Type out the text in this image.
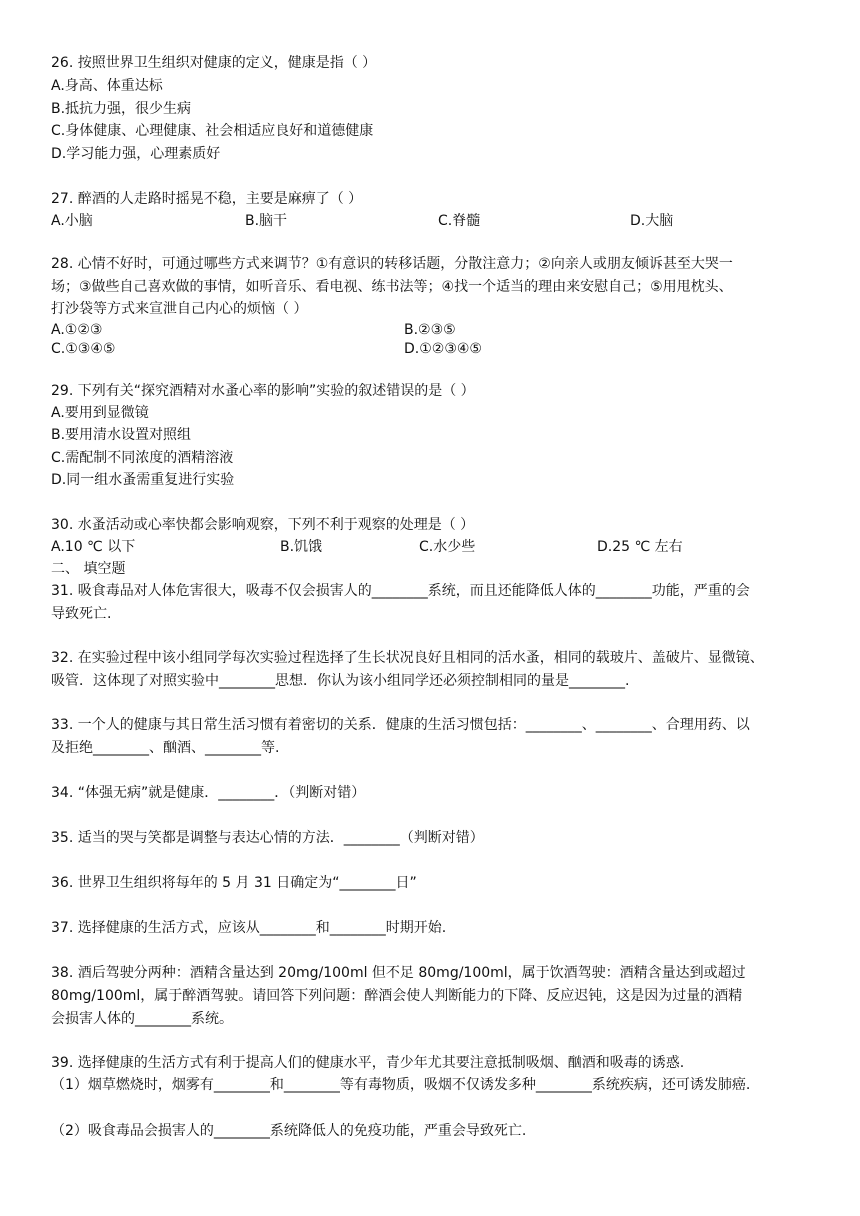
26. 按照世界卫生组织对健康的定义，健康是指（ ）
A.身高、体重达标
B.抵抗力强，很少生病
C.身体健康、心理健康、社会相适应良好和道德健康
D.学习能力强，心理素质好
27. 醉酒的人走路时摇晃不稳，主要是麻痹了（ ）
A.小脑	B.脑干	C.脊髓	D.大脑
28. 心情不好时，可通过哪些方式来调节？①有意识的转移话题，分散注意力；②向亲人或朋友倾诉甚至大哭一
场；③做些自己喜欢做的事情，如听音乐、看电视、练书法等；④找一个适当的理由来安慰自己；⑤用甩枕头、
打沙袋等方式来宣泄自己内心的烦恼（ ）
A.①②③	B.②③⑤
C.①③④⑤	D.①②③④⑤
29. 下列有关“探究酒精对水蚤心率的影响”实验的叙述错误的是（ ）
A.要用到显微镜
B.要用清水设置对照组
C.需配制不同浓度的酒精溶液
D.同一组水蚤需重复进行实验
30. 水蚤活动或心率快都会影响观察，下列不利于观察的处理是（ ）
A.10 ℃ 以下	B.饥饿	C.水少些	D.25 ℃ 左右
二、 填空题
31. 吸食毒品对人体危害很大，吸毒不仅会损害人的________系统，而且还能降低人体的________功能，严重的会
导致死亡.
32. 在实验过程中该小组同学每次实验过程选择了生长状况良好且相同的活水蚤，相同的载玻片、盖破片、显微镜、
吸管．这体现了对照实验中________思想．你认为该小组同学还必须控制相同的量是________.
33. 一个人的健康与其日常生活习惯有着密切的关系．健康的生活习惯包括：________、________、合理用药、以
及拒绝________、酗酒、________等.
34. “体强无病”就是健康．________．（判断对错）
35. 适当的哭与笑都是调整与表达心情的方法．________（判断对错）
36. 世界卫生组织将每年的 5 月 31 日确定为“________日”
37. 选择健康的生活方式，应该从________和________时期开始.
38. 酒后驾驶分两种：酒精含量达到 20mg/100ml 但不足 80mg/100ml，属于饮酒驾驶：酒精含量达到或超过
80mg/100ml，属于醉酒驾驶。请回答下列问题：醉酒会使人判断能力的下降、反应迟钝，这是因为过量的酒精
会损害人体的________系统。
39. 选择健康的生活方式有利于提高人们的健康水平，青少年尤其要注意抵制吸烟、酗酒和吸毒的诱惑.
（1）烟草燃烧时，烟雾有________和________等有毒物质，吸烟不仅诱发多种________系统疾病，还可诱发肺癌.
（2）吸食毒品会损害人的________系统降低人的免疫功能，严重会导致死亡.
